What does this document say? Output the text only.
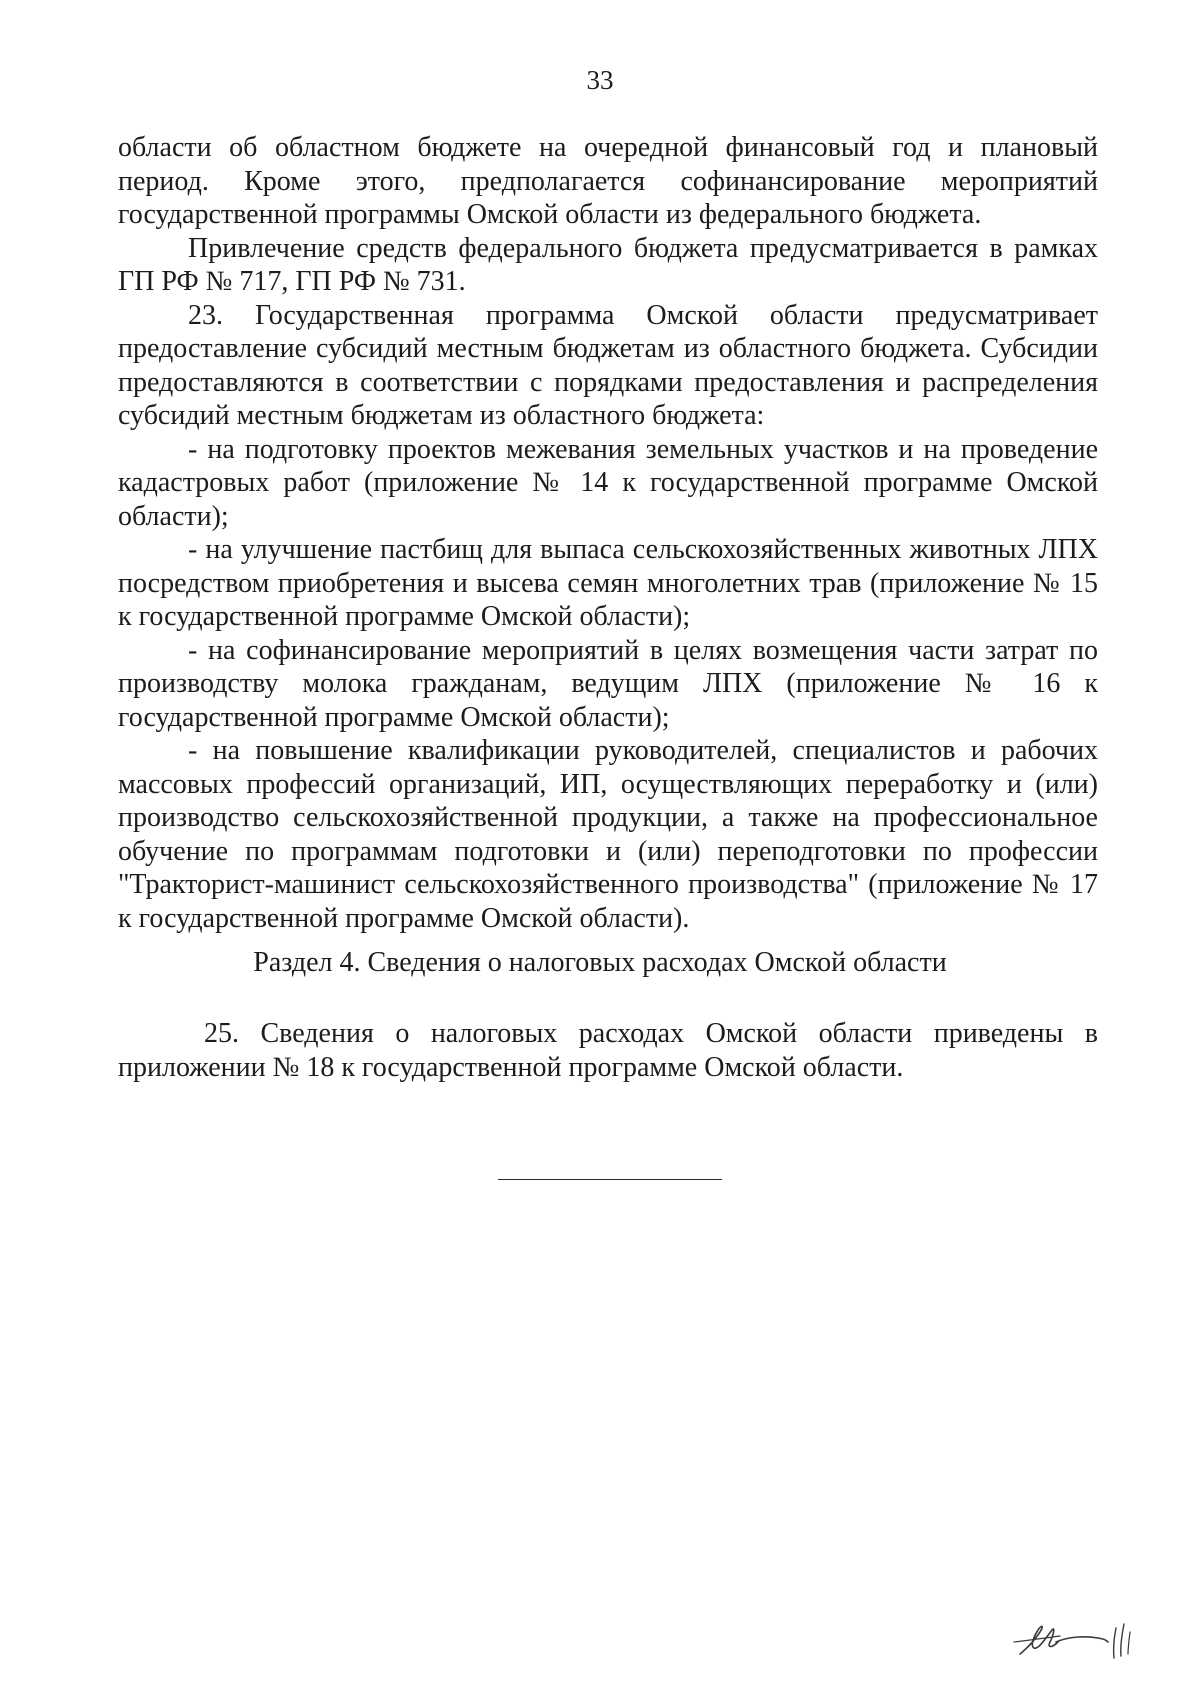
33

области об областном бюджете на очередной финансовый год и плановый период. Кроме этого, предполагается софинансирование мероприятий государственной программы Омской области из федерального бюджета.

Привлечение средств федерального бюджета предусматривается в рамках ГП РФ № 717, ГП РФ № 731.

23. Государственная программа Омской области предусматривает предоставление субсидий местным бюджетам из областного бюджета. Субсидии предоставляются в соответствии с порядками предоставления и распределения субсидий местным бюджетам из областного бюджета:

- на подготовку проектов межевания земельных участков и на проведение кадастровых работ (приложение № 14 к государственной программе Омской области);

- на улучшение пастбищ для выпаса сельскохозяйственных животных ЛПХ посредством приобретения и высева семян многолетних трав (приложение № 15 к государственной программе Омской области);

- на софинансирование мероприятий в целях возмещения части затрат по производству молока гражданам, ведущим ЛПХ (приложение № 16 к государственной программе Омской области);

- на повышение квалификации руководителей, специалистов и рабочих массовых профессий организаций, ИП, осуществляющих переработку и (или) производство сельскохозяйственной продукции, а также на профессиональное обучение по программам подготовки и (или) переподготовки по профессии "Тракторист-машинист сельскохозяйственного производства" (приложение № 17 к государственной программе Омской области).

Раздел 4. Сведения о налоговых расходах Омской области

25. Сведения о налоговых расходах Омской области приведены в приложении № 18 к государственной программе Омской области.
